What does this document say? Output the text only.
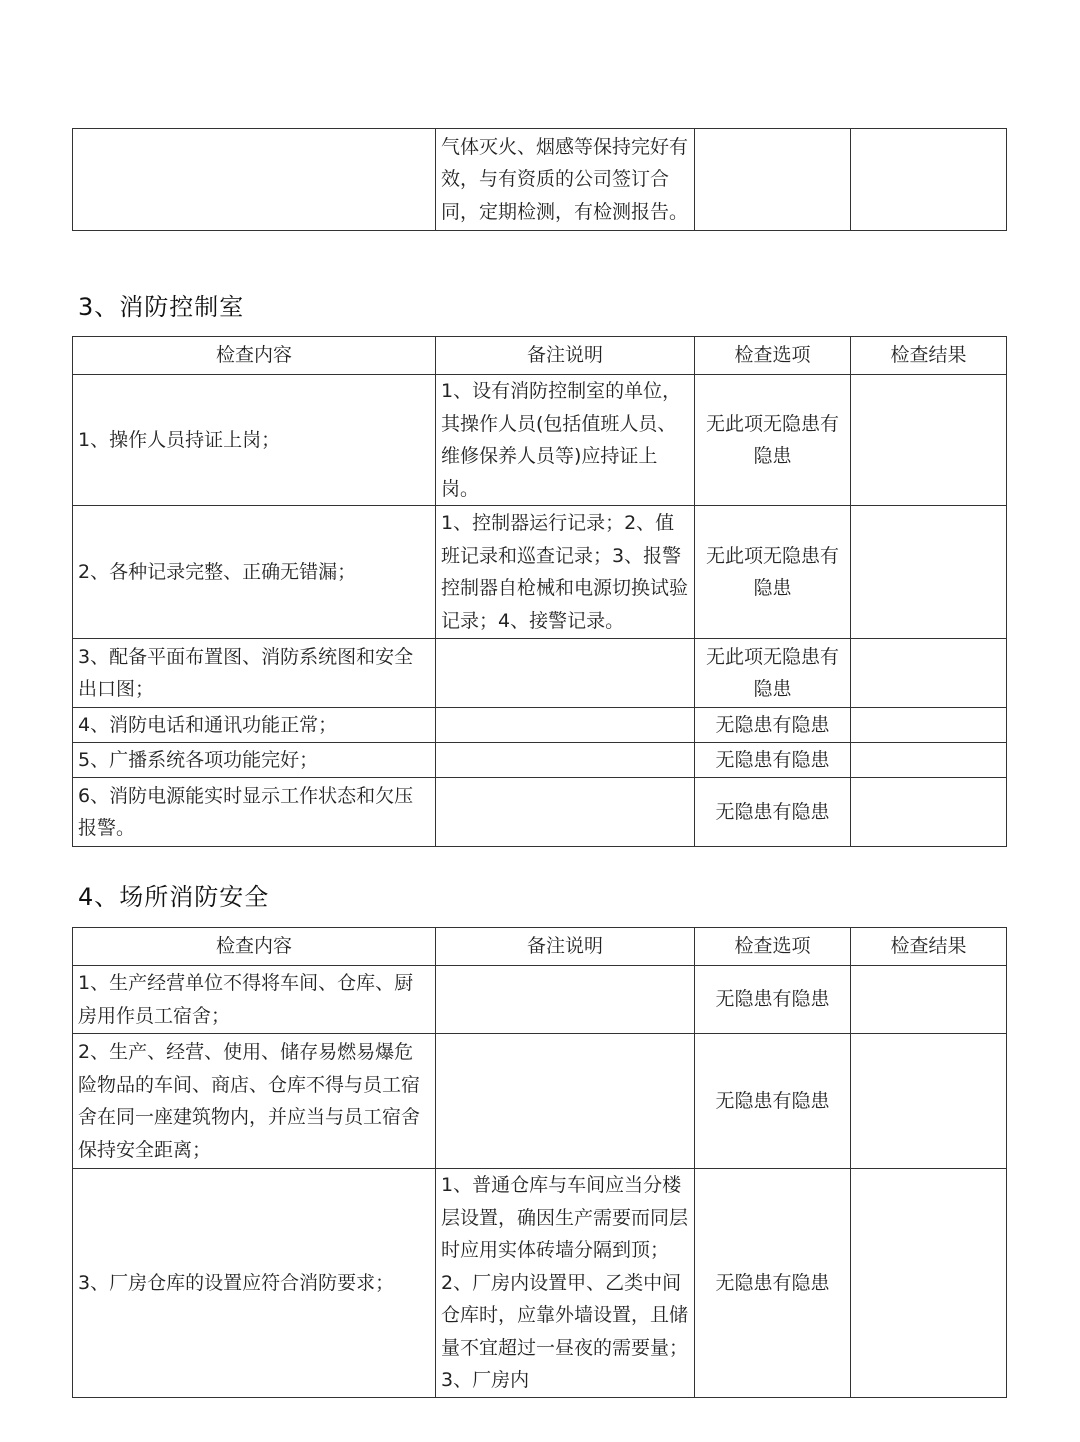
	气体灭火、烟感等保持完好有效，与有资质的公司签订合同，定期检测，有检测报告。		
3、消防控制室
检查内容	备注说明	检查选项	检查结果
1、操作人员持证上岗；	1、设有消防控制室的单位，其操作人员(包括值班人员、维修保养人员等)应持证上岗。	无此项无隐患有隐患	
2、各种记录完整、正确无错漏；	1、控制器运行记录；2、值班记录和巡查记录；3、报警控制器自枪械和电源切换试验记录；4、接警记录。	无此项无隐患有隐患	
3、配备平面布置图、消防系统图和安全出口图；		无此项无隐患有隐患	
4、消防电话和通讯功能正常；		无隐患有隐患	
5、广播系统各项功能完好；		无隐患有隐患	
6、消防电源能实时显示工作状态和欠压报警。		无隐患有隐患	
4、场所消防安全
检查内容	备注说明	检查选项	检查结果
1、生产经营单位不得将车间、仓库、厨房用作员工宿舍；		无隐患有隐患	
2、生产、经营、使用、储存易燃易爆危险物品的车间、商店、仓库不得与员工宿舍在同一座建筑物内，并应当与员工宿舍保持安全距离；		无隐患有隐患	
3、厂房仓库的设置应符合消防要求；	1、普通仓库与车间应当分楼层设置，确因生产需要而同层时应用实体砖墙分隔到顶；2、厂房内设置甲、乙类中间仓库时，应靠外墙设置，且储量不宜超过一昼夜的需要量；3、厂房内	无隐患有隐患	
